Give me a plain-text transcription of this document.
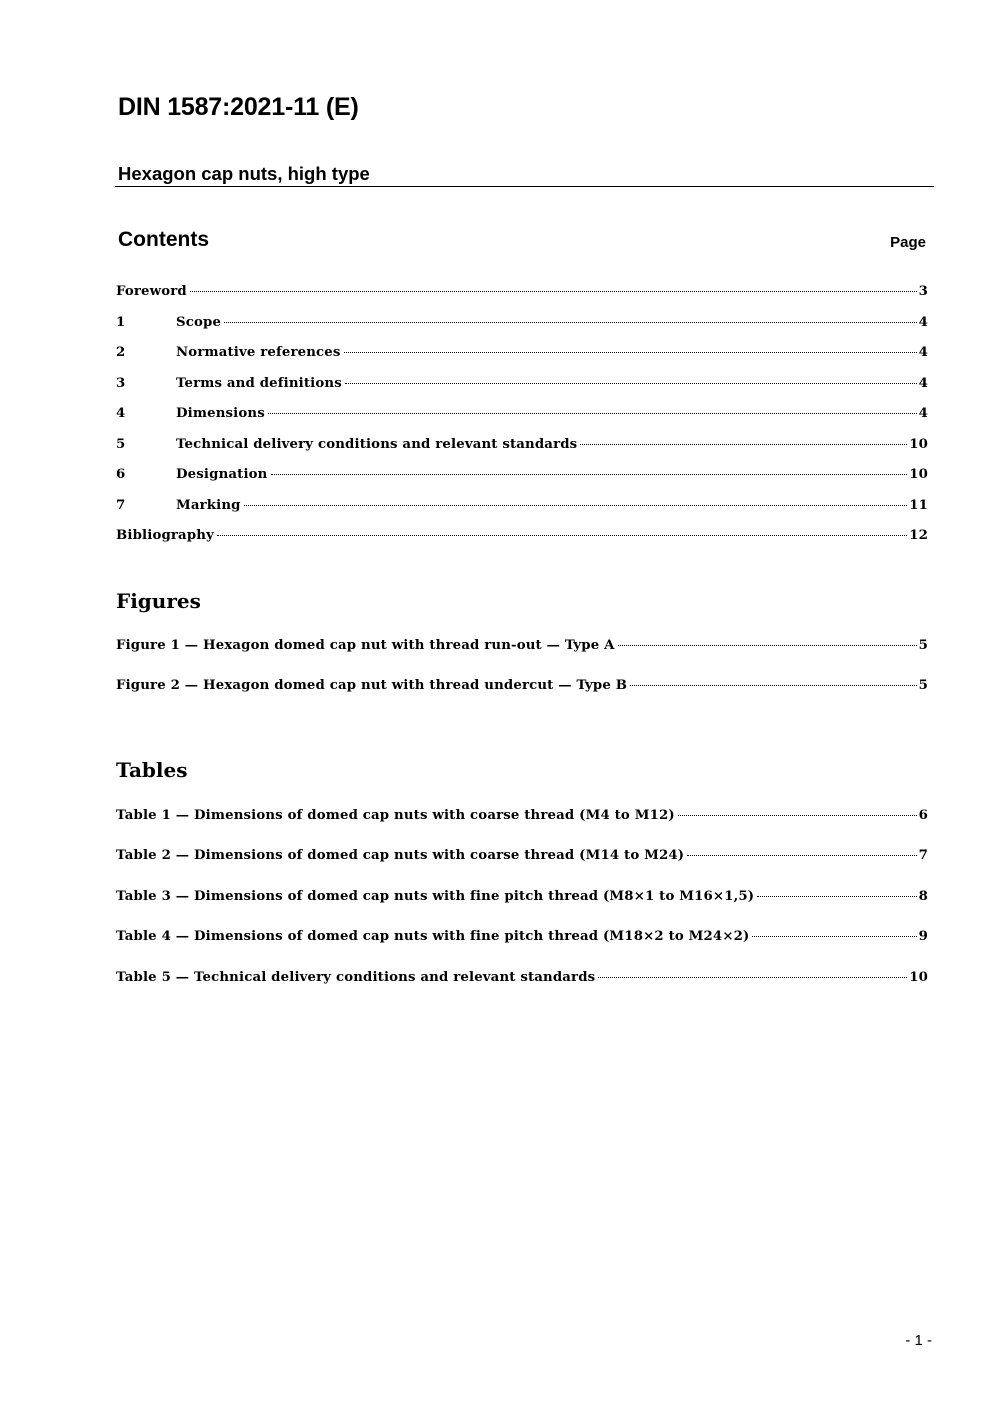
DIN 1587:2021-11 (E)
Hexagon cap nuts, high type
Contents	Page
Foreword	3
1	Scope	4
2	Normative references	4
3	Terms and definitions	4
4	Dimensions	4
5	Technical delivery conditions and relevant standards	10
6	Designation	10
7	Marking	11
Bibliography	12
Figures
Figure 1 — Hexagon domed cap nut with thread run-out — Type A	5
Figure 2 — Hexagon domed cap nut with thread undercut — Type B	5
Tables
Table 1 — Dimensions of domed cap nuts with coarse thread (M4 to M12)	6
Table 2 — Dimensions of domed cap nuts with coarse thread (M14 to M24)	7
Table 3 — Dimensions of domed cap nuts with fine pitch thread (M8×1 to M16×1,5)	8
Table 4 — Dimensions of domed cap nuts with fine pitch thread (M18×2 to M24×2)	9
Table 5 — Technical delivery conditions and relevant standards	10
- 1 -
